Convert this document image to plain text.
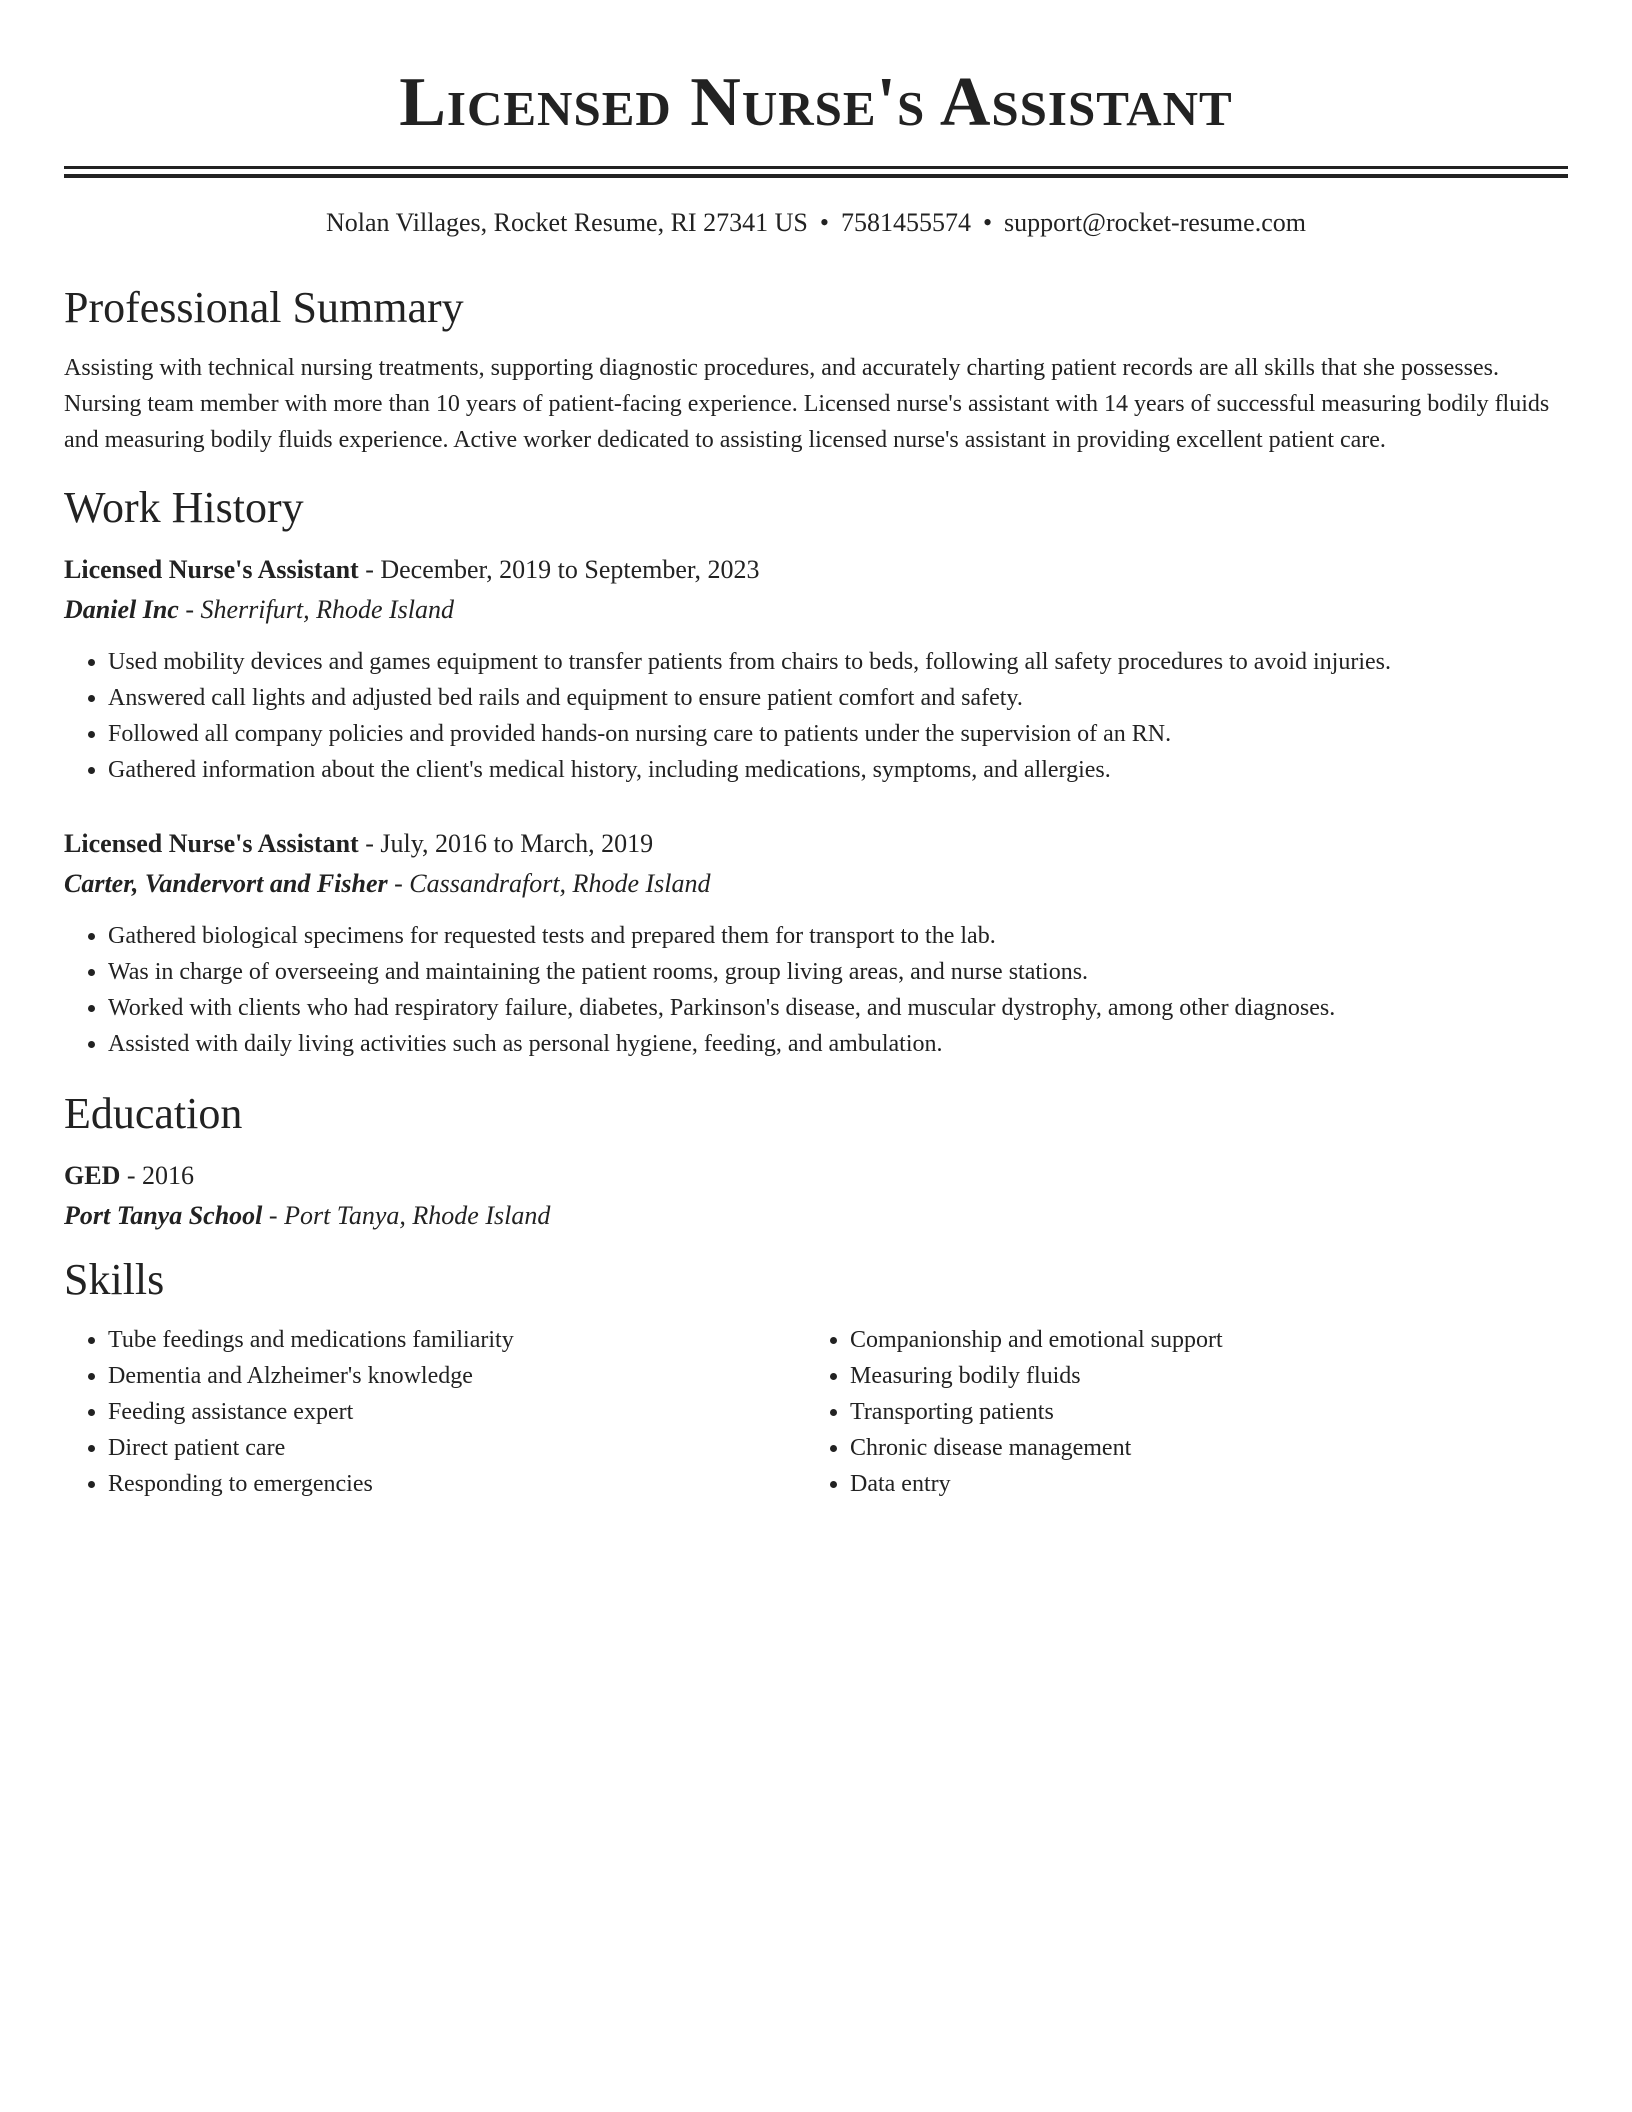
Licensed Nurse's Assistant
Nolan Villages, Rocket Resume, RI 27341 US • 7581455574 • support@rocket-resume.com
Professional Summary

Assisting with technical nursing treatments, supporting diagnostic procedures, and accurately charting patient records are all skills that she possesses. Nursing team member with more than 10 years of patient-facing experience. Licensed nurse's assistant with 14 years of successful measuring bodily fluids and measuring bodily fluids experience. Active worker dedicated to assisting licensed nurse's assistant in providing excellent patient care.

Work History
Licensed Nurse's Assistant - December, 2019 to September, 2023
Daniel Inc - Sherrifurt, Rhode Island
• Used mobility devices and games equipment to transfer patients from chairs to beds, following all safety procedures to avoid injuries.
• Answered call lights and adjusted bed rails and equipment to ensure patient comfort and safety.
• Followed all company policies and provided hands-on nursing care to patients under the supervision of an RN.
• Gathered information about the client's medical history, including medications, symptoms, and allergies.
Licensed Nurse's Assistant - July, 2016 to March, 2019
Carter, Vandervort and Fisher - Cassandrafort, Rhode Island
• Gathered biological specimens for requested tests and prepared them for transport to the lab.
• Was in charge of overseeing and maintaining the patient rooms, group living areas, and nurse stations.
• Worked with clients who had respiratory failure, diabetes, Parkinson's disease, and muscular dystrophy, among other diagnoses.
• Assisted with daily living activities such as personal hygiene, feeding, and ambulation.
Education
GED - 2016
Port Tanya School - Port Tanya, Rhode Island
Skills
• Tube feedings and medications familiarity
• Dementia and Alzheimer's knowledge
• Feeding assistance expert
• Direct patient care
• Responding to emergencies
• Companionship and emotional support
• Measuring bodily fluids
• Transporting patients
• Chronic disease management
• Data entry
